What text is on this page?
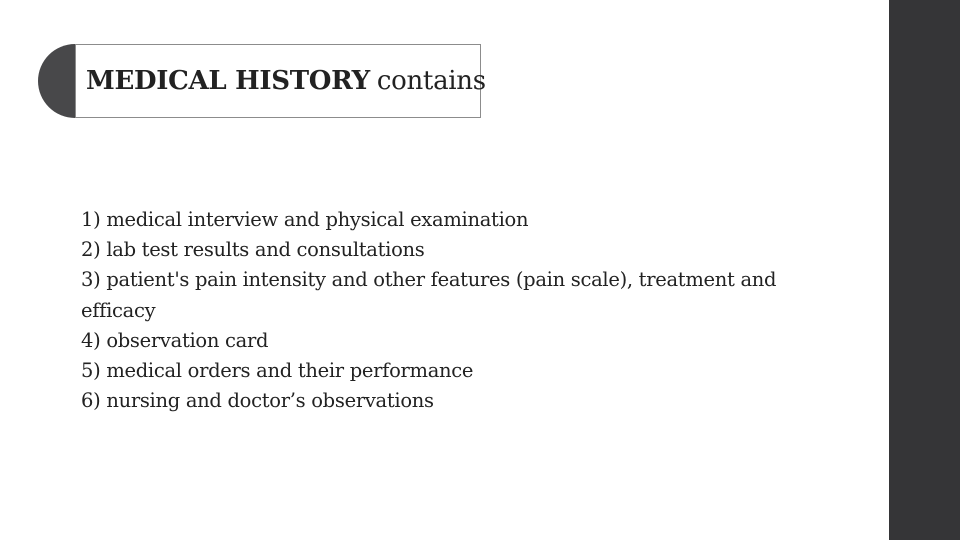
MEDICAL HISTORY contains
1) medical interview and physical examination
2) lab test results and consultations
3) patient's pain intensity and other features (pain scale), treatment and efficacy
4) observation card
5) medical orders and their performance
6) nursing and doctor’s observations
